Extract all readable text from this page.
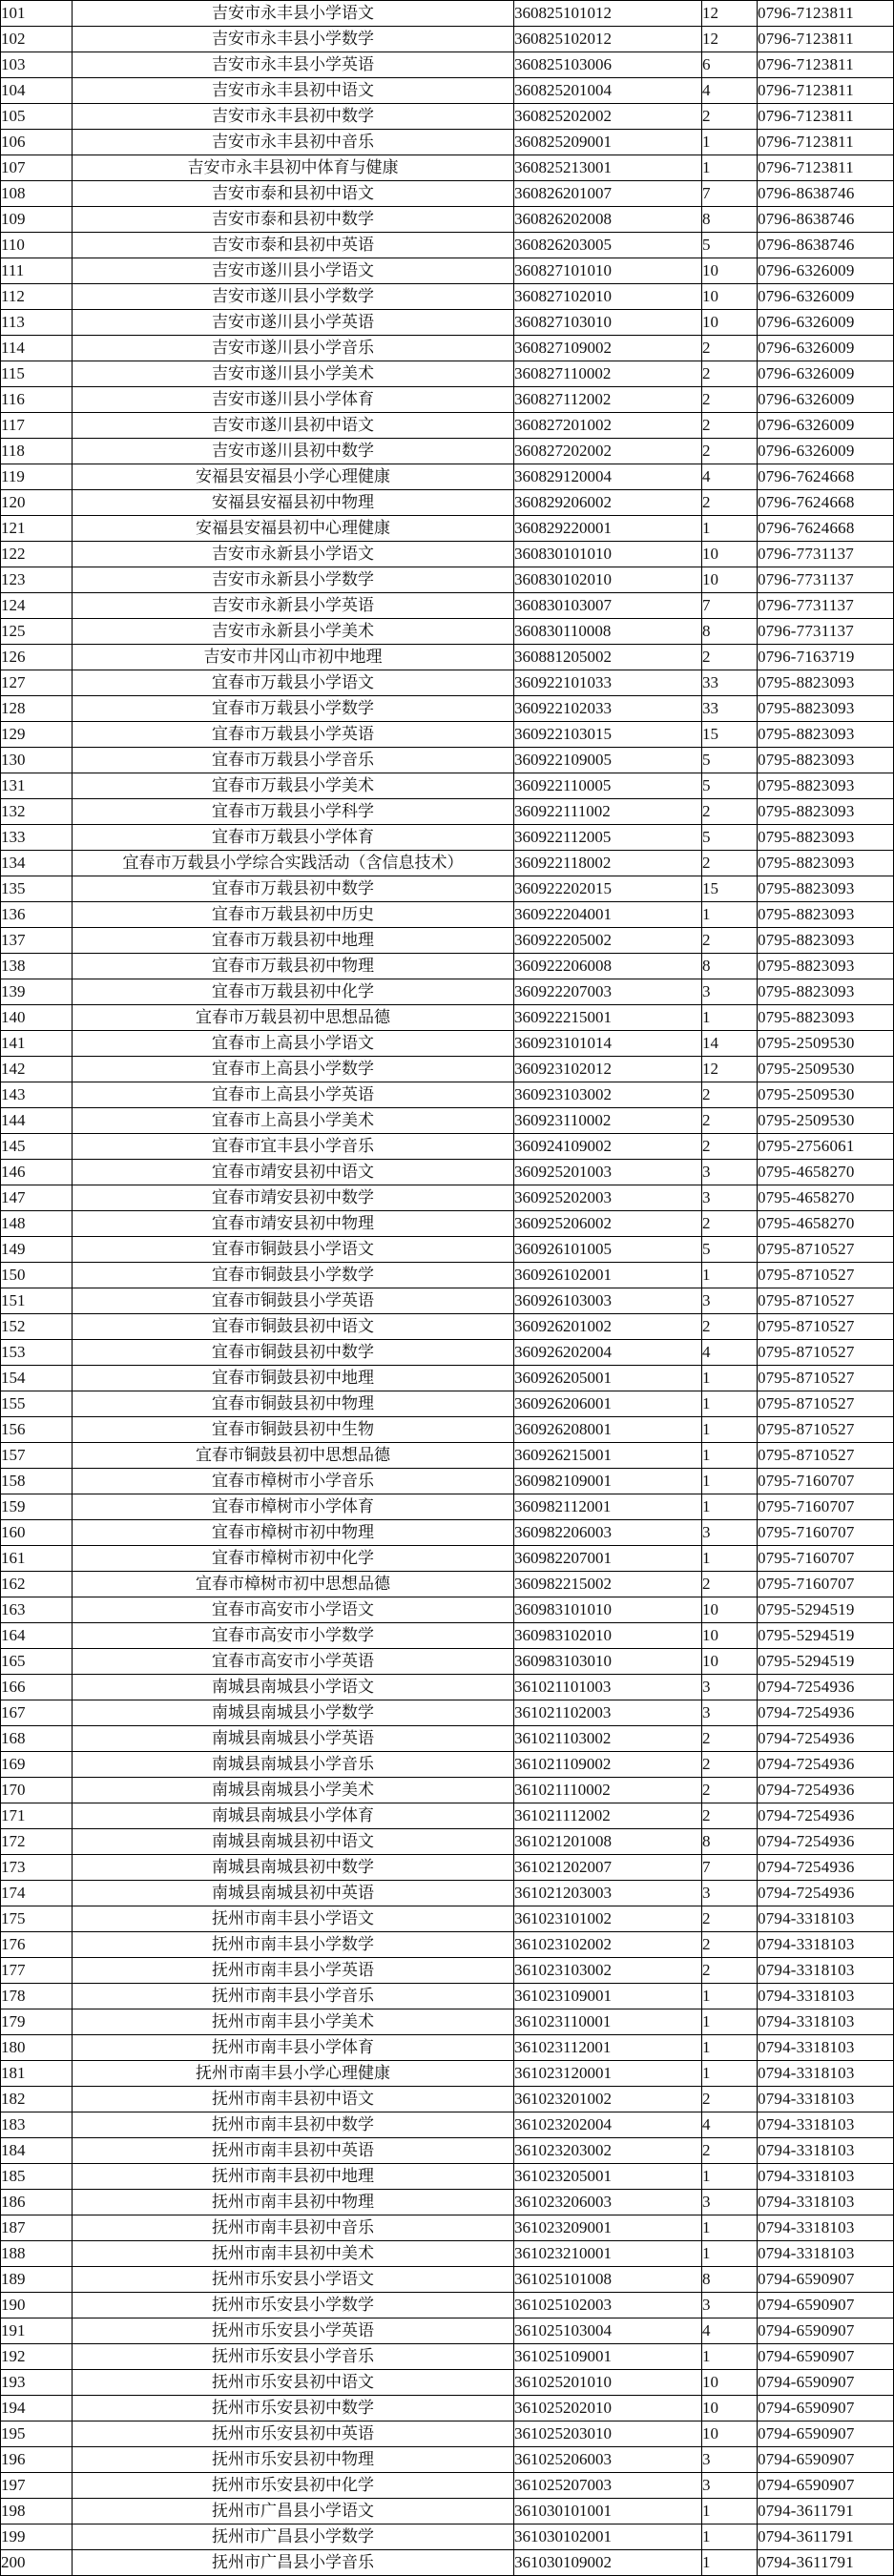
101	吉安市永丰县小学语文	360825101012	12	0796-7123811
102	吉安市永丰县小学数学	360825102012	12	0796-7123811
103	吉安市永丰县小学英语	360825103006	6	0796-7123811
104	吉安市永丰县初中语文	360825201004	4	0796-7123811
105	吉安市永丰县初中数学	360825202002	2	0796-7123811
106	吉安市永丰县初中音乐	360825209001	1	0796-7123811
107	吉安市永丰县初中体育与健康	360825213001	1	0796-7123811
108	吉安市泰和县初中语文	360826201007	7	0796-8638746
109	吉安市泰和县初中数学	360826202008	8	0796-8638746
110	吉安市泰和县初中英语	360826203005	5	0796-8638746
111	吉安市遂川县小学语文	360827101010	10	0796-6326009
112	吉安市遂川县小学数学	360827102010	10	0796-6326009
113	吉安市遂川县小学英语	360827103010	10	0796-6326009
114	吉安市遂川县小学音乐	360827109002	2	0796-6326009
115	吉安市遂川县小学美术	360827110002	2	0796-6326009
116	吉安市遂川县小学体育	360827112002	2	0796-6326009
117	吉安市遂川县初中语文	360827201002	2	0796-6326009
118	吉安市遂川县初中数学	360827202002	2	0796-6326009
119	安福县安福县小学心理健康	360829120004	4	0796-7624668
120	安福县安福县初中物理	360829206002	2	0796-7624668
121	安福县安福县初中心理健康	360829220001	1	0796-7624668
122	吉安市永新县小学语文	360830101010	10	0796-7731137
123	吉安市永新县小学数学	360830102010	10	0796-7731137
124	吉安市永新县小学英语	360830103007	7	0796-7731137
125	吉安市永新县小学美术	360830110008	8	0796-7731137
126	吉安市井冈山市初中地理	360881205002	2	0796-7163719
127	宜春市万载县小学语文	360922101033	33	0795-8823093
128	宜春市万载县小学数学	360922102033	33	0795-8823093
129	宜春市万载县小学英语	360922103015	15	0795-8823093
130	宜春市万载县小学音乐	360922109005	5	0795-8823093
131	宜春市万载县小学美术	360922110005	5	0795-8823093
132	宜春市万载县小学科学	360922111002	2	0795-8823093
133	宜春市万载县小学体育	360922112005	5	0795-8823093
134	宜春市万载县小学综合实践活动（含信息技术）	360922118002	2	0795-8823093
135	宜春市万载县初中数学	360922202015	15	0795-8823093
136	宜春市万载县初中历史	360922204001	1	0795-8823093
137	宜春市万载县初中地理	360922205002	2	0795-8823093
138	宜春市万载县初中物理	360922206008	8	0795-8823093
139	宜春市万载县初中化学	360922207003	3	0795-8823093
140	宜春市万载县初中思想品德	360922215001	1	0795-8823093
141	宜春市上高县小学语文	360923101014	14	0795-2509530
142	宜春市上高县小学数学	360923102012	12	0795-2509530
143	宜春市上高县小学英语	360923103002	2	0795-2509530
144	宜春市上高县小学美术	360923110002	2	0795-2509530
145	宜春市宜丰县小学音乐	360924109002	2	0795-2756061
146	宜春市靖安县初中语文	360925201003	3	0795-4658270
147	宜春市靖安县初中数学	360925202003	3	0795-4658270
148	宜春市靖安县初中物理	360925206002	2	0795-4658270
149	宜春市铜鼓县小学语文	360926101005	5	0795-8710527
150	宜春市铜鼓县小学数学	360926102001	1	0795-8710527
151	宜春市铜鼓县小学英语	360926103003	3	0795-8710527
152	宜春市铜鼓县初中语文	360926201002	2	0795-8710527
153	宜春市铜鼓县初中数学	360926202004	4	0795-8710527
154	宜春市铜鼓县初中地理	360926205001	1	0795-8710527
155	宜春市铜鼓县初中物理	360926206001	1	0795-8710527
156	宜春市铜鼓县初中生物	360926208001	1	0795-8710527
157	宜春市铜鼓县初中思想品德	360926215001	1	0795-8710527
158	宜春市樟树市小学音乐	360982109001	1	0795-7160707
159	宜春市樟树市小学体育	360982112001	1	0795-7160707
160	宜春市樟树市初中物理	360982206003	3	0795-7160707
161	宜春市樟树市初中化学	360982207001	1	0795-7160707
162	宜春市樟树市初中思想品德	360982215002	2	0795-7160707
163	宜春市高安市小学语文	360983101010	10	0795-5294519
164	宜春市高安市小学数学	360983102010	10	0795-5294519
165	宜春市高安市小学英语	360983103010	10	0795-5294519
166	南城县南城县小学语文	361021101003	3	0794-7254936
167	南城县南城县小学数学	361021102003	3	0794-7254936
168	南城县南城县小学英语	361021103002	2	0794-7254936
169	南城县南城县小学音乐	361021109002	2	0794-7254936
170	南城县南城县小学美术	361021110002	2	0794-7254936
171	南城县南城县小学体育	361021112002	2	0794-7254936
172	南城县南城县初中语文	361021201008	8	0794-7254936
173	南城县南城县初中数学	361021202007	7	0794-7254936
174	南城县南城县初中英语	361021203003	3	0794-7254936
175	抚州市南丰县小学语文	361023101002	2	0794-3318103
176	抚州市南丰县小学数学	361023102002	2	0794-3318103
177	抚州市南丰县小学英语	361023103002	2	0794-3318103
178	抚州市南丰县小学音乐	361023109001	1	0794-3318103
179	抚州市南丰县小学美术	361023110001	1	0794-3318103
180	抚州市南丰县小学体育	361023112001	1	0794-3318103
181	抚州市南丰县小学心理健康	361023120001	1	0794-3318103
182	抚州市南丰县初中语文	361023201002	2	0794-3318103
183	抚州市南丰县初中数学	361023202004	4	0794-3318103
184	抚州市南丰县初中英语	361023203002	2	0794-3318103
185	抚州市南丰县初中地理	361023205001	1	0794-3318103
186	抚州市南丰县初中物理	361023206003	3	0794-3318103
187	抚州市南丰县初中音乐	361023209001	1	0794-3318103
188	抚州市南丰县初中美术	361023210001	1	0794-3318103
189	抚州市乐安县小学语文	361025101008	8	0794-6590907
190	抚州市乐安县小学数学	361025102003	3	0794-6590907
191	抚州市乐安县小学英语	361025103004	4	0794-6590907
192	抚州市乐安县小学音乐	361025109001	1	0794-6590907
193	抚州市乐安县初中语文	361025201010	10	0794-6590907
194	抚州市乐安县初中数学	361025202010	10	0794-6590907
195	抚州市乐安县初中英语	361025203010	10	0794-6590907
196	抚州市乐安县初中物理	361025206003	3	0794-6590907
197	抚州市乐安县初中化学	361025207003	3	0794-6590907
198	抚州市广昌县小学语文	361030101001	1	0794-3611791
199	抚州市广昌县小学数学	361030102001	1	0794-3611791
200	抚州市广昌县小学音乐	361030109002	1	0794-3611791
